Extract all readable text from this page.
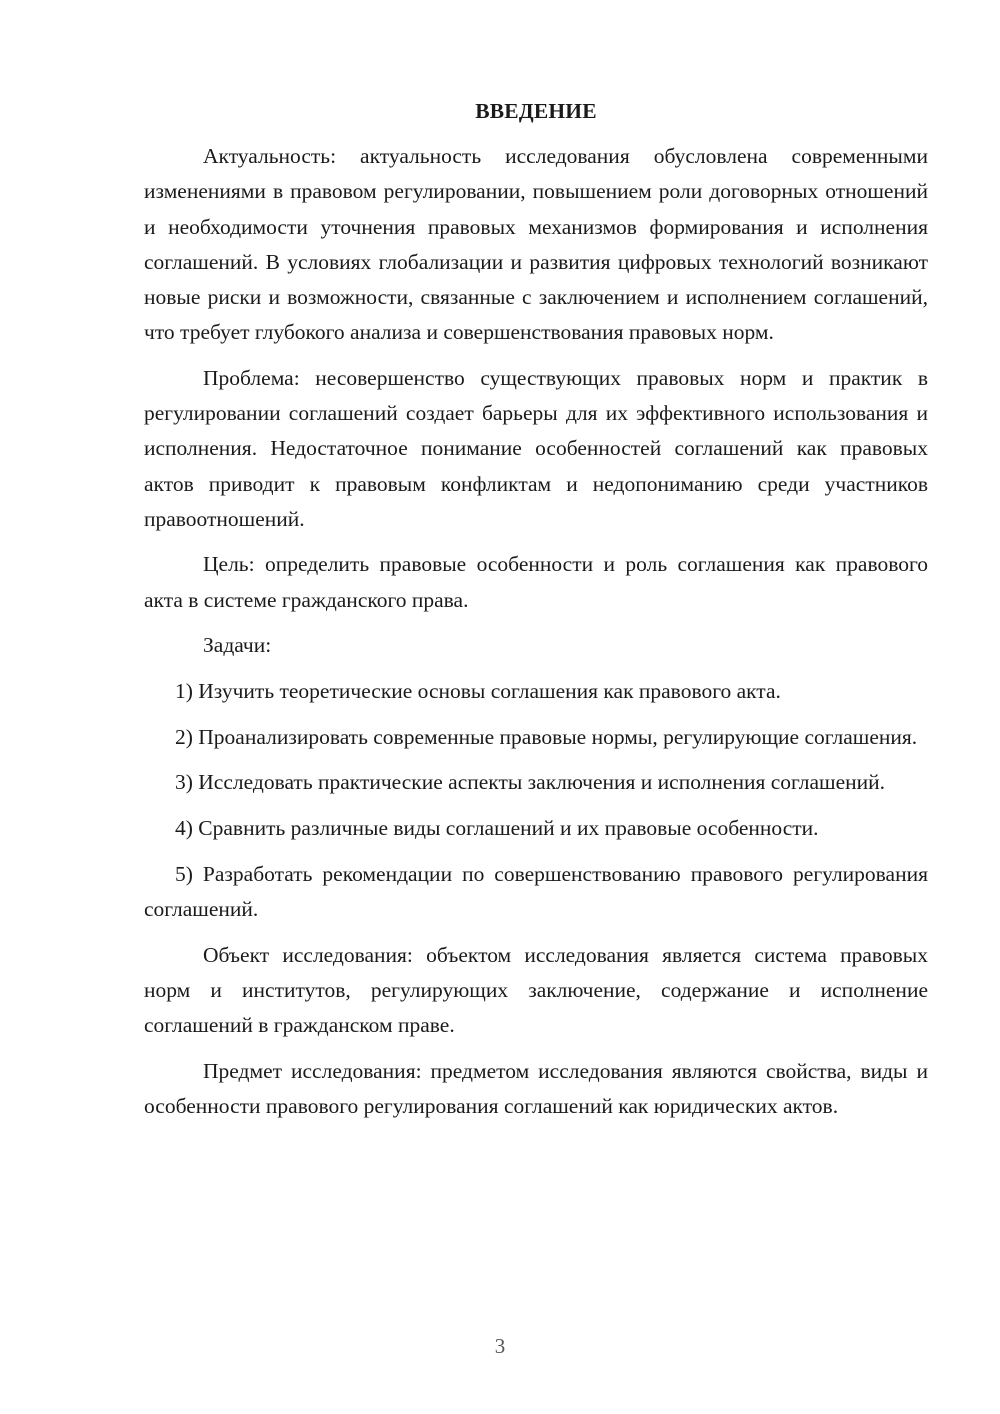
ВВЕДЕНИЕ

Актуальность: актуальность исследования обусловлена современными изменениями в правовом регулировании, повышением роли договорных отношений и необходимости уточнения правовых механизмов формирования и исполнения соглашений. В условиях глобализации и развития цифровых технологий возникают новые риски и возможности, связанные с заключением и исполнением соглашений, что требует глубокого анализа и совершенствования правовых норм.

Проблема: несовершенство существующих правовых норм и практик в регулировании соглашений создает барьеры для их эффективного использования и исполнения. Недостаточное понимание особенностей соглашений как правовых актов приводит к правовым конфликтам и недопониманию среди участников правоотношений.

Цель: определить правовые особенности и роль соглашения как правового акта в системе гражданского права.

Задачи:

1) Изучить теоретические основы соглашения как правового акта.

2) Проанализировать современные правовые нормы, регулирующие соглашения.

3) Исследовать практические аспекты заключения и исполнения соглашений.

4) Сравнить различные виды соглашений и их правовые особенности.

5) Разработать рекомендации по совершенствованию правового регулирования соглашений.

Объект исследования: объектом исследования является система правовых норм и институтов, регулирующих заключение, содержание и исполнение соглашений в гражданском праве.

Предмет исследования: предметом исследования являются свойства, виды и особенности правового регулирования соглашений как юридических актов.

3
